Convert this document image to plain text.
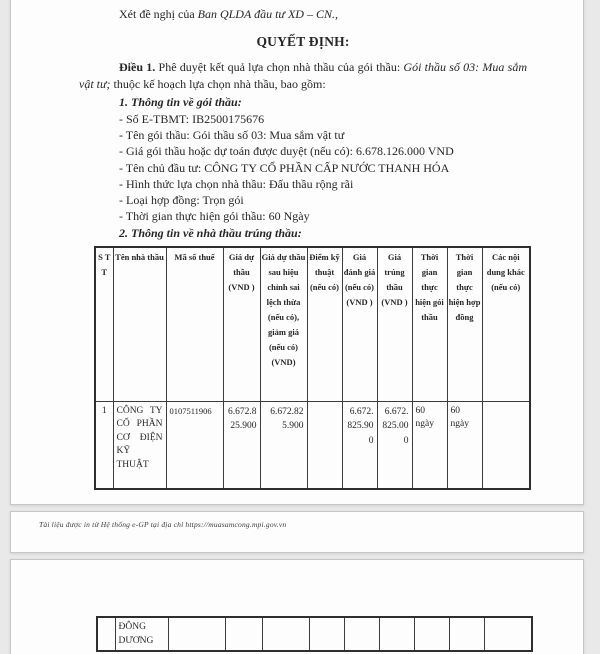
Xét đề nghị của Ban QLDA đầu tư XD – CN.,

QUYẾT ĐỊNH:

Điều 1. Phê duyệt kết quả lựa chọn nhà thầu của gói thầu: Gói thầu số 03: Mua sắm vật tư; thuộc kế hoạch lựa chọn nhà thầu, bao gồm:

1. Thông tin về gói thầu:

- Số E-TBMT: IB2500175676
- Tên gói thầu: Gói thầu số 03: Mua sắm vật tư
- Giá gói thầu hoặc dự toán được duyệt (nếu có): 6.678.126.000 VND
- Tên chủ đầu tư: CÔNG TY CỔ PHẦN CẤP NƯỚC THANH HÓA
- Hình thức lựa chọn nhà thầu: Đấu thầu rộng rãi
- Loại hợp đồng: Trọn gói
- Thời gian thực hiện gói thầu: 60 Ngày

2. Thông tin về nhà thầu trúng thầu:

S T T	Tên nhà thầu	Mã số thuế	Giá dự thầu (VND )	Giá dự thầu sau hiệu chỉnh sai lệch thừa (nếu có), giảm giá (nếu có) (VND)	Điểm kỹ thuật (nếu có)	Giá đánh giá (nếu có) (VND )	Giá trúng thầu (VND )	Thời gian thực hiện gói thầu	Thời gian thực hiện hợp đồng	Các nội dung khác (nếu có)
1	CÔNG TY CỔ PHẦN CƠ ĐIỆN KỸ THUẬT	0107511906	6.672.825.900	6.672.825.900		6.672.825.900	6.672.825.000	60 ngày	60 ngày	

Tài liệu được in từ Hệ thống e-GP tại địa chỉ https://muasamcong.mpi.gov.vn

	ĐÔNG DƯƠNG									
